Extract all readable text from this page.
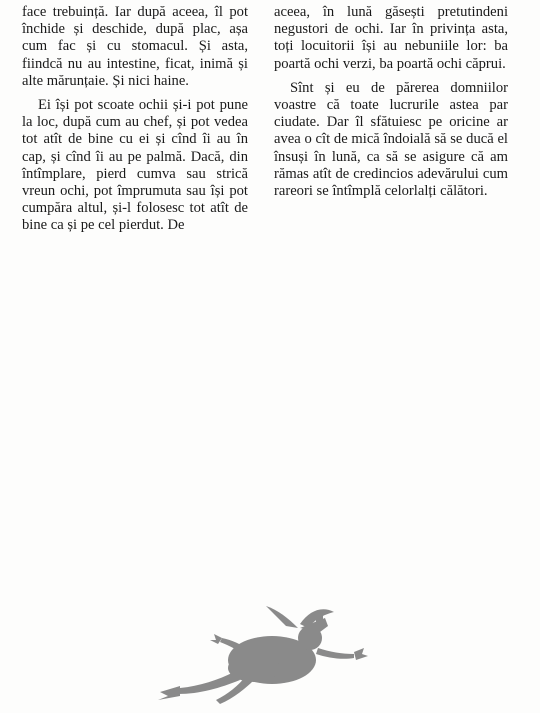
face trebuință. Iar după aceea, îl pot închide și deschide, după plac, așa cum fac și cu stomacul. Și asta, fiindcă nu au intestine, ficat, inimă și alte mărunțaie. Și nici haine.

Ei își pot scoate ochii și-i pot pune la loc, după cum au chef, și pot vedea tot atît de bine cu ei și cînd îi au în cap, și cînd îi au pe palmă. Dacă, din întîmplare, pierd cumva sau strică vreun ochi, pot împrumuta sau își pot cumpăra altul, și-l folosesc tot atît de bine ca și pe cel pierdut. De

aceea, în lună găsești pretutindeni negustori de ochi. Iar în privința asta, toți locuitorii își au nebuniile lor: ba poartă ochi verzi, ba poartă ochi căprui.

Sînt și eu de părerea domniilor voastre că toate lucrurile astea par ciudate. Dar îl sfătuiesc pe oricine ar avea o cît de mică îndoială să se ducă el însuși în lună, ca să se asigure că am rămas atît de credincios adevărului cum rareori se întîmplă celorlalți călători.
